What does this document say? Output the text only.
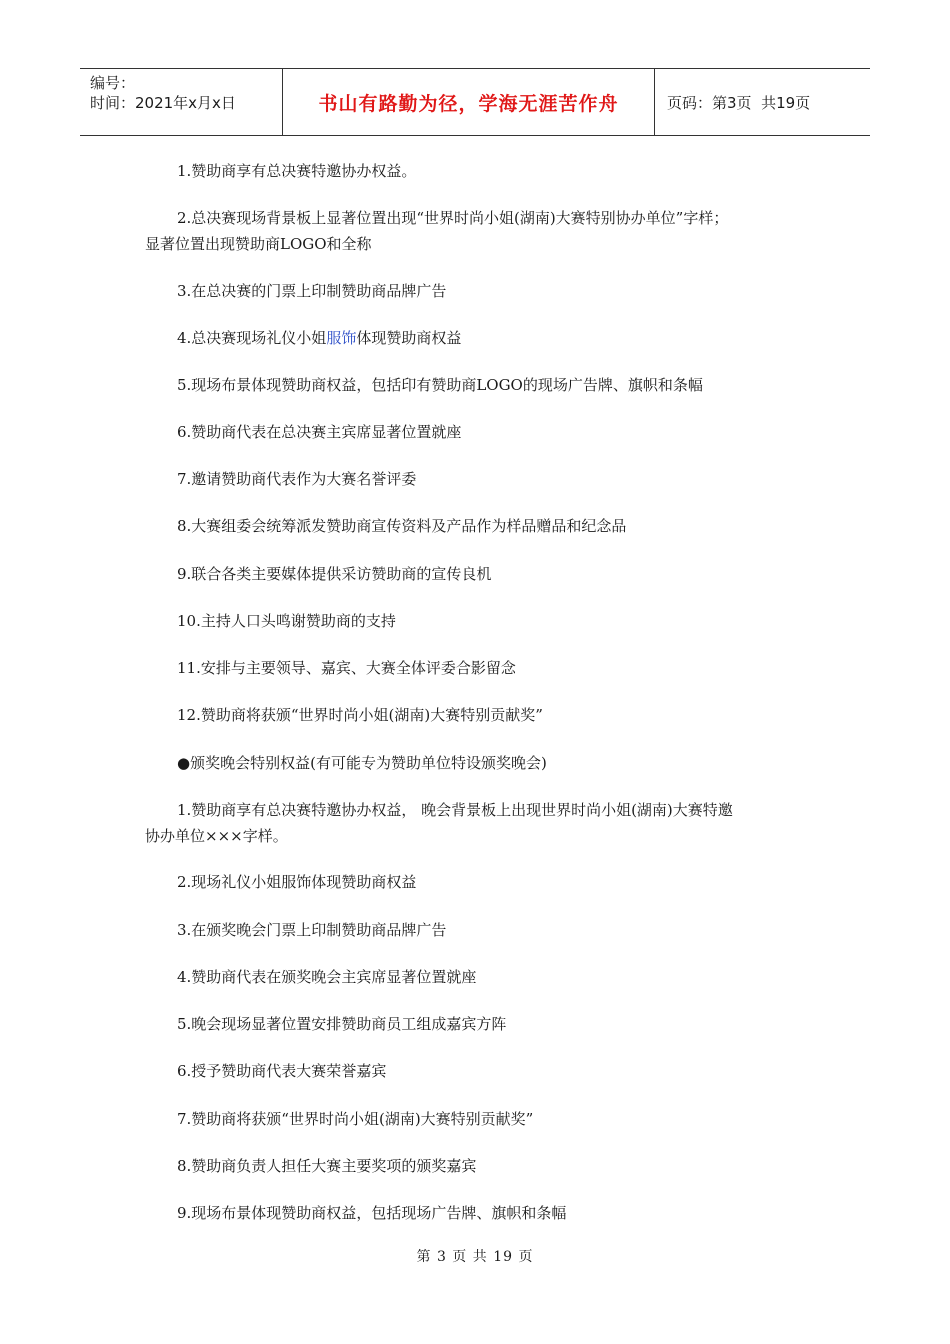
编号：
时间：2021年x月x日	书山有路勤为径，学海无涯苦作舟	页码：第3页  共19页
1.赞助商享有总决赛特邀协办权益。
2.总决赛现场背景板上显著位置出现“世界时尚小姐(湖南)大赛特别协办单位”字样；
显著位置出现赞助商LOGO和全称
3.在总决赛的门票上印制赞助商品牌广告
4.总决赛现场礼仪小姐服饰体现赞助商权益
5.现场布景体现赞助商权益，包括印有赞助商LOGO的现场广告牌、旗帜和条幅
6.赞助商代表在总决赛主宾席显著位置就座
7.邀请赞助商代表作为大赛名誉评委
8.大赛组委会统筹派发赞助商宣传资料及产品作为样品赠品和纪念品
9.联合各类主要媒体提供采访赞助商的宣传良机
10.主持人口头鸣谢赞助商的支持
11.安排与主要领导、嘉宾、大赛全体评委合影留念
12.赞助商将获颁“世界时尚小姐(湖南)大赛特别贡献奖”
●颁奖晚会特别权益(有可能专为赞助单位特设颁奖晚会)
1.赞助商享有总决赛特邀协办权益， 晚会背景板上出现世界时尚小姐(湖南)大赛特邀
协办单位×××字样。
2.现场礼仪小姐服饰体现赞助商权益
3.在颁奖晚会门票上印制赞助商品牌广告
4.赞助商代表在颁奖晚会主宾席显著位置就座
5.晚会现场显著位置安排赞助商员工组成嘉宾方阵
6.授予赞助商代表大赛荣誉嘉宾
7.赞助商将获颁“世界时尚小姐(湖南)大赛特别贡献奖”
8.赞助商负责人担任大赛主要奖项的颁奖嘉宾
9.现场布景体现赞助商权益，包括现场广告牌、旗帜和条幅
第 3 页 共 19 页
